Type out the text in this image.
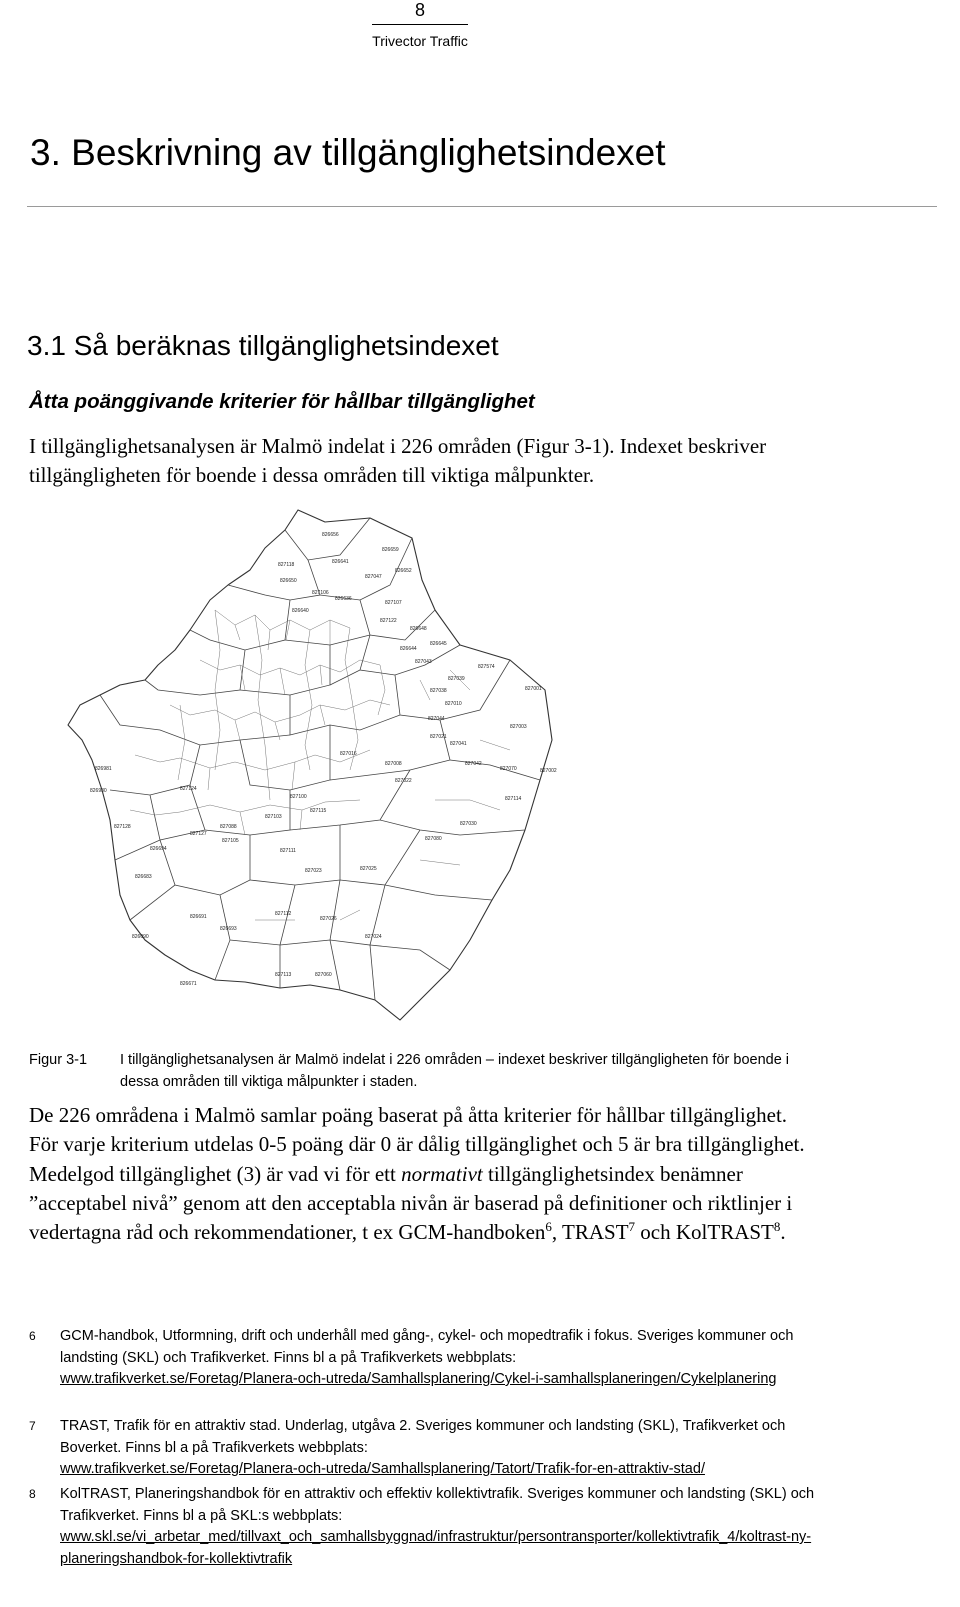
8
Trivector Traffic
3. Beskrivning av tillgänglighetsindexet
3.1 Så beräknas tillgänglighetsindexet
Åtta poänggivande kriterier för hållbar tillgänglighet

I tillgänglighetsanalysen är Malmö indelat i 226 områden (Figur 3-1). Indexet beskriver tillgängligheten för boende i dessa områden till viktiga målpunkter.

826656
826659
826641
827118
826652
827047
826650
827106
827107
826636
826640
827122
826648
826645
826644
827043
827574
827039
827038
827010
826981
826980	827124
827044
827021
827016
827008
827022
827041
827070
826694
827128
826683
827105
827111
827023	827025
827026
827024
826691
826090
827112
827113	827060
827080
826693
826671
827030
827114
827003
827001
827002
827103
827088
827115
827100
827042
827127
Figur 3-1 I tillgänglighetsanalysen är Malmö indelat i 226 områden – indexet beskriver tillgängligheten för boende i dessa områden till viktiga målpunkter i staden.

De 226 områdena i Malmö samlar poäng baserat på åtta kriterier för hållbar tillgänglighet. För varje kriterium utdelas 0-5 poäng där 0 är dålig tillgänglighet och 5 är bra tillgänglighet. Medelgod tillgänglighet (3) är vad vi för ett normativt tillgänglighetsindex benämner ”acceptabel nivå” genom att den acceptabla nivån är baserad på definitioner och riktlinjer i vedertagna råd och rekommendationer, t ex GCM-handboken$^6$, TRAST$^7$ och KolTRAST$^8$.

6 GCM-handbok, Utformning, drift och underhåll med gång-, cykel- och mopedtrafik i fokus. Sveriges kommuner och landsting (SKL) och Trafikverket. Finns bl a på Trafikverkets webbplats:
www.trafikverket.se/Foretag/Planera-och-utreda/Samhallsplanering/Cykel-i-samhallsplaneringen/Cykelplanering
7 TRAST, Trafik för en attraktiv stad. Underlag, utgåva 2. Sveriges kommuner och landsting (SKL), Trafikverket och Boverket. Finns bl a på Trafikverkets webbplats:
www.trafikverket.se/Foretag/Planera-och-utreda/Samhallsplanering/Tatort/Trafik-for-en-attraktiv-stad/
8 KolTRAST, Planeringshandbok för en attraktiv och effektiv kollektivtrafik. Sveriges kommuner och landsting (SKL) och Trafikverket. Finns bl a på SKL:s webbplats:
www.skl.se/vi_arbetar_med/tillvaxt_och_samhallsbyggnad/infrastruktur/persontransporter/kollektivtrafik_4/koltrast-ny-planeringshandbok-for-kollektivtrafik
